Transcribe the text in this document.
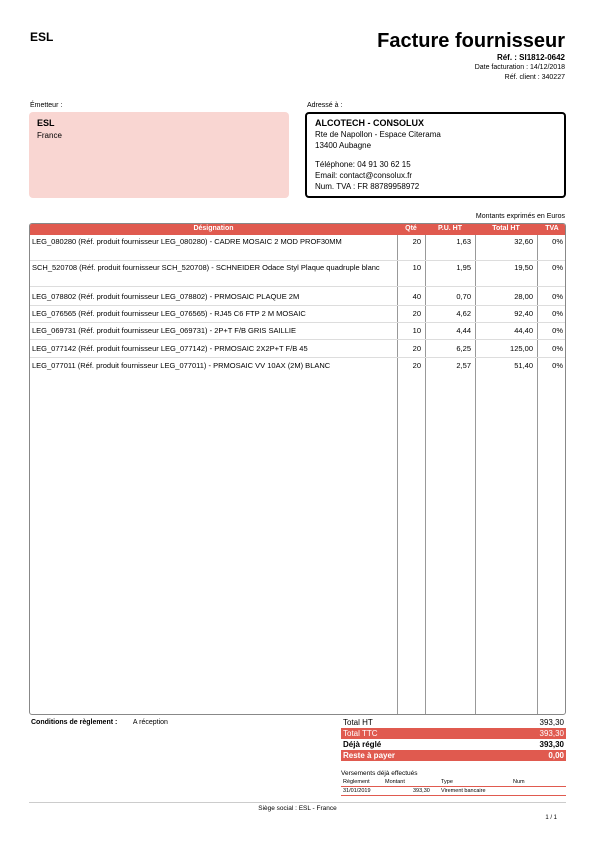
ESL	Facture fournisseur
Réf. : SI1812-0642
Date facturation : 14/12/2018
Réf. client : 340227
Émetteur :
ESL
France
Adressé à :
ALCOTECH - CONSOLUX
Rte de Napollon - Espace Citerama
13400 Aubagne
Téléphone: 04 91 30 62 15
Email: contact@consolux.fr
Num. TVA : FR 88789958972
Montants exprimés en Euros
Désignation	Qté	P.U. HT	Total HT	TVA
LEG_080280 (Réf. produit fournisseur LEG_080280) - CADRE MOSAIC 2 MOD PROF30MM	20	1,63	32,60	0%
SCH_520708 (Réf. produit fournisseur SCH_520708) - SCHNEIDER Odace Styl Plaque quadruple blanc	10	1,95	19,50	0%
LEG_078802 (Réf. produit fournisseur LEG_078802) - PRMOSAIC PLAQUE 2M	40	0,70	28,00	0%
LEG_076565 (Réf. produit fournisseur LEG_076565) - RJ45 C6 FTP 2 M MOSAIC	20	4,62	92,40	0%
LEG_069731 (Réf. produit fournisseur LEG_069731) - 2P+T F/B GRIS SAILLIE	10	4,44	44,40	0%
LEG_077142 (Réf. produit fournisseur LEG_077142) - PRMOSAIC 2X2P+T F/B 45	20	6,25	125,00	0%
LEG_077011 (Réf. produit fournisseur LEG_077011) - PRMOSAIC VV 10AX (2M) BLANC	20	2,57	51,40	0%
Conditions de règlement : A réception	Total HT	393,30
Total TTC	393,30
Déjà réglé	393,30
Reste à payer	0,00
Versements déjà effectués
Règlement	Montant	Type	Num
31/01/2019	393,30 Virement bancaire
Siège social : ESL - France
1 / 1
